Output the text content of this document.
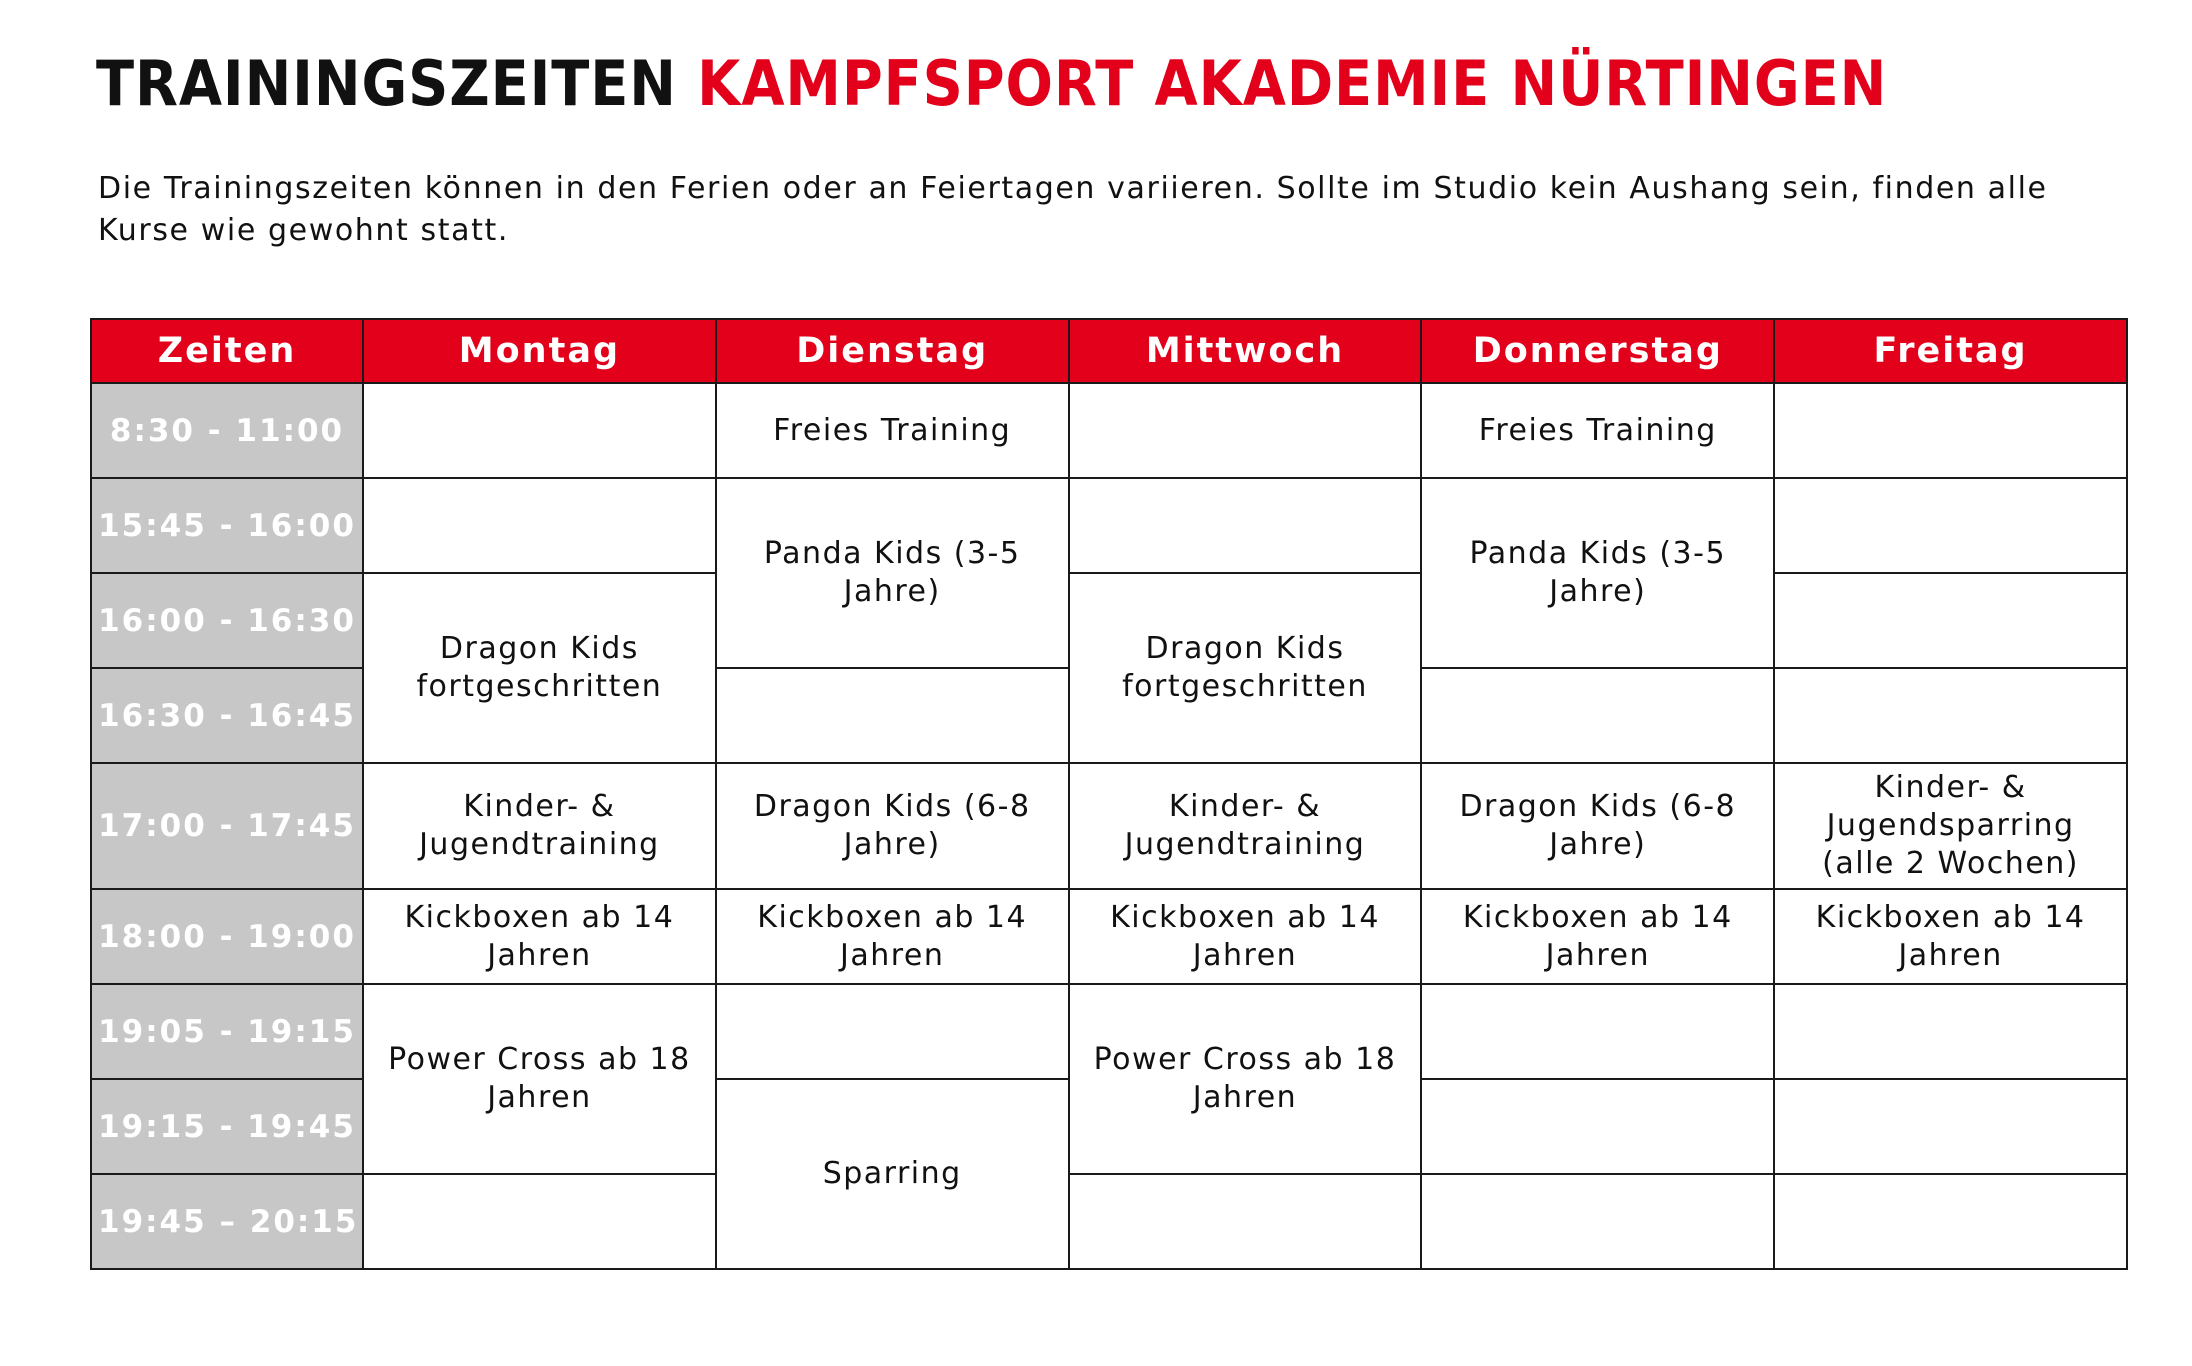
TRAININGSZEITEN KAMPFSPORT AKADEMIE NÜRTINGEN

Die Trainingszeiten können in den Ferien oder an Feiertagen variieren. Sollte im Studio kein Aushang sein, finden alle Kurse wie gewohnt statt.

Zeiten	Montag	Dienstag	Mittwoch	Donnerstag	Freitag
8:30 - 11:00		Freies Training		Freies Training	
15:45 - 16:00		Panda Kids (3-5 Jahre)		Panda Kids (3-5 Jahre)	
16:00 - 16:30	Dragon Kids fortgeschritten		Dragon Kids fortgeschritten		
16:30 - 16:45					
17:00 - 17:45	Kinder- & Jugendtraining	Dragon Kids (6-8 Jahre)	Kinder- & Jugendtraining	Dragon Kids (6-8 Jahre)	Kinder- & Jugendsparring (alle 2 Wochen)
18:00 - 19:00	Kickboxen ab 14 Jahren	Kickboxen ab 14 Jahren	Kickboxen ab 14 Jahren	Kickboxen ab 14 Jahren	Kickboxen ab 14 Jahren
19:05 - 19:15	Power Cross ab 18 Jahren		Power Cross ab 18 Jahren		
19:15 - 19:45		Sparring			
19:45 – 20:15					
